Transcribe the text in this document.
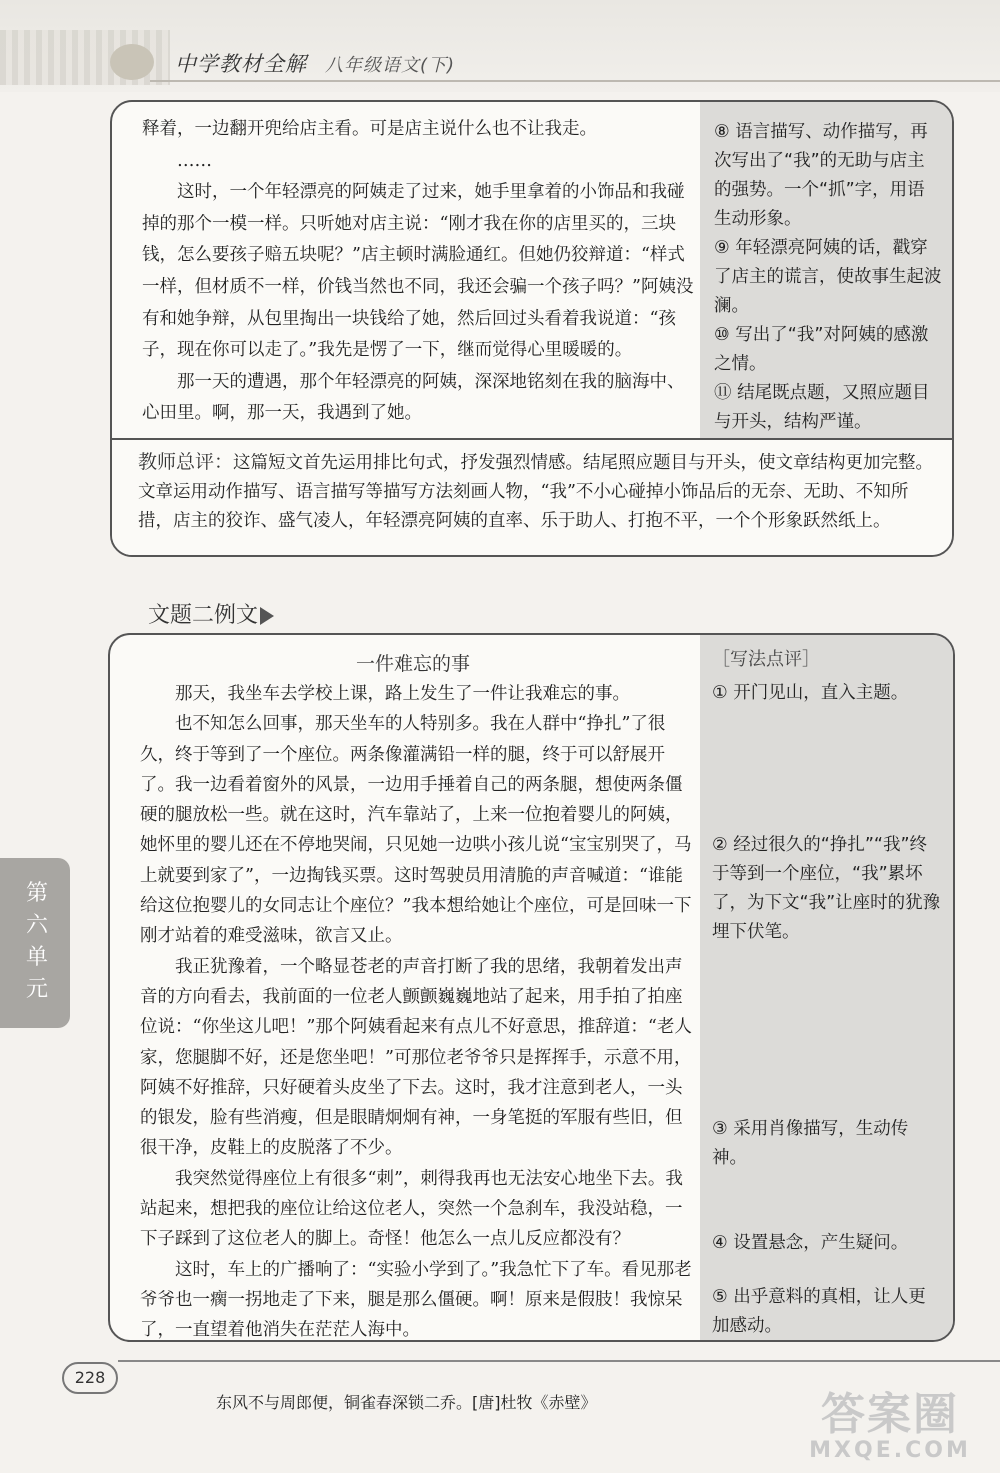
中学教材全解 八年级语文(下)

释着，一边翻开兜给店主看。可是店主说什么也不让我走。

……

这时，一个年轻漂亮的阿姨走了过来，她手里拿着的小饰品和我碰掉的那个一模一样。只听她对店主说：“刚才我在你的店里买的，三块钱，怎么要孩子赔五块呢？”店主顿时满脸通红。但她仍狡辩道：“样式一样，但材质不一样，价钱当然也不同，我还会骗一个孩子吗？”阿姨没有和她争辩，从包里掏出一块钱给了她，然后回过头看着我说道：“孩子，现在你可以走了。”我先是愣了一下，继而觉得心里暖暖的。

那一天的遭遇，那个年轻漂亮的阿姨，深深地铭刻在我的脑海中、心田里。啊，那一天，我遇到了她。

⑧ 语言描写、动作描写，再次写出了“我”的无助与店主的强势。一个“抓”字，用语生动形象。

⑨ 年轻漂亮阿姨的话，戳穿了店主的谎言，使故事生起波澜。

⑩ 写出了“我”对阿姨的感激之情。

⑪ 结尾既点题，又照应题目与开头，结构严谨。

教师总评：这篇短文首先运用排比句式，抒发强烈情感。结尾照应题目与开头，使文章结构更加完整。文章运用动作描写、语言描写等描写方法刻画人物，“我”不小心碰掉小饰品后的无奈、无助、不知所措，店主的狡诈、盛气凌人，年轻漂亮阿姨的直率、乐于助人、打抱不平，一个个形象跃然纸上。
文题二例文
一件难忘的事

那天，我坐车去学校上课，路上发生了一件让我难忘的事。

也不知怎么回事，那天坐车的人特别多。我在人群中“挣扎”了很久，终于等到了一个座位。两条像灌满铅一样的腿，终于可以舒展开了。我一边看着窗外的风景，一边用手捶着自己的两条腿，想使两条僵硬的腿放松一些。就在这时，汽车靠站了，上来一位抱着婴儿的阿姨，她怀里的婴儿还在不停地哭闹，只见她一边哄小孩儿说“宝宝别哭了，马上就要到家了”，一边掏钱买票。这时驾驶员用清脆的声音喊道：“谁能给这位抱婴儿的女同志让个座位？”我本想给她让个座位，可是回味一下刚才站着的难受滋味，欲言又止。

我正犹豫着，一个略显苍老的声音打断了我的思绪，我朝着发出声音的方向看去，我前面的一位老人颤颤巍巍地站了起来，用手拍了拍座位说：“你坐这儿吧！”那个阿姨看起来有点儿不好意思，推辞道：“老人家，您腿脚不好，还是您坐吧！”可那位老爷爷只是挥挥手，示意不用，阿姨不好推辞，只好硬着头皮坐了下去。这时，我才注意到老人，一头的银发，脸有些消瘦，但是眼睛炯炯有神，一身笔挺的军服有些旧，但很干净，皮鞋上的皮脱落了不少。

我突然觉得座位上有很多“刺”，刺得我再也无法安心地坐下去。我站起来，想把我的座位让给这位老人，突然一个急刹车，我没站稳，一下子踩到了这位老人的脚上。奇怪！他怎么一点儿反应都没有？

这时，车上的广播响了：“实验小学到了。”我急忙下了车。看见那老爷爷也一瘸一拐地走了下来，腿是那么僵硬。啊！原来是假肢！我惊呆了，一直望着他消失在茫茫人海中。

［写法点评］

① 开门见山，直入主题。

② 经过很久的“挣扎”“我”终于等到一个座位，“我”累坏了，为下文“我”让座时的犹豫埋下伏笔。

③ 采用肖像描写，生动传神。

④ 设置悬念，产生疑问。

⑤ 出乎意料的真相，让人更加感动。

第六单元
228
东风不与周郎便，铜雀春深锁二乔。[唐]杜牧《赤壁》	答案圈
MXQE.COM
